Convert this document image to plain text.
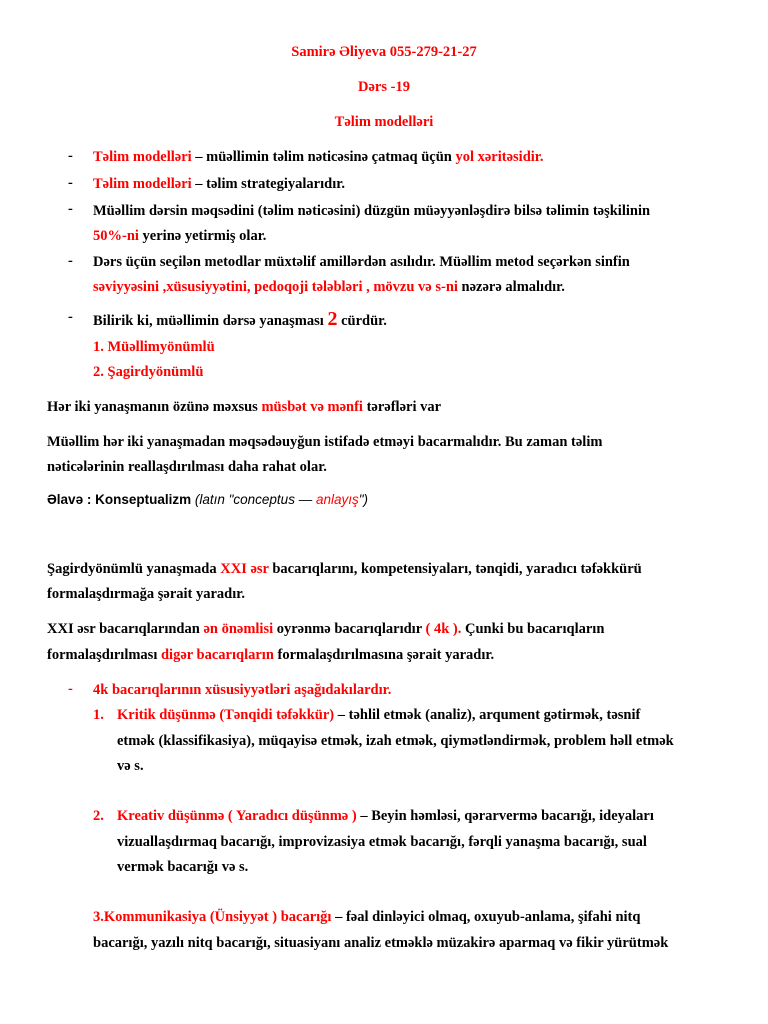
Samirə Əliyeva 055-279-21-27
Dərs -19
Təlim modelləri
- Təlim modelləri – müəllimin təlim nəticəsinə çatmaq üçün yol xəritəsidir.
- Təlim modelləri – təlim strategiyalarıdır.
- Müəllim dərsin məqsədini (təlim nəticəsini) düzgün müəyyənləşdirə bilsə təlimin təşkilinin
50%-ni yerinə yetirmiş olar.
- Dərs üçün seçilən metodlar müxtəlif amillərdən asılıdır. Müəllim metod seçərkən sinfin
səviyyəsini ,xüsusiyyətini, pedoqoji tələbləri , mövzu və s-ni nəzərə almalıdır.
- Bilirik ki, müəllimin dərsə yanaşması 2 cürdür.
1. Müəllimyönümlü
2. Şagirdyönümlü
Hər iki yanaşmanın özünə məxsus müsbət və mənfi tərəfləri var
Müəllim hər iki yanaşmadan məqsədəuyğun istifadə etməyi bacarmalıdır. Bu zaman təlim
nəticələrinin reallaşdırılması daha rahat olar.
Əlavə : Konseptualizm (latın "conceptus — anlayış")
Şagirdyönümlü yanaşmada XXI əsr bacarıqlarını, kompetensiyaları, tənqidi, yaradıcı təfəkkürü
formalaşdırmağa şərait yaradır.
XXI əsr bacarıqlarından ən önəmlisi oyrənmə bacarıqlarıdır ( 4k ). Çunki bu bacarıqların
formalaşdırılması digər bacarıqların formalaşdırılmasına şərait yaradır.
- 4k bacarıqlarının xüsusiyyətləri aşağıdakılardır.
1. Kritik düşünmə (Tənqidi təfəkkür) – təhlil etmək (analiz), arqument gətirmək, təsnif
etmək (klassifikasiya), müqayisə etmək, izah etmək, qiymətləndirmək, problem həll etmək
və s.
2. Kreativ düşünmə ( Yaradıcı düşünmə ) – Beyin həmləsi, qərarvermə bacarığı, ideyaları
vizuallaşdırmaq bacarığı, improvizasiya etmək bacarığı, fərqli yanaşma bacarığı, sual
vermək bacarığı və s.
3.Kommunikasiya (Ünsiyyət ) bacarığı – fəal dinləyici olmaq, oxuyub-anlama, şifahi nitq
bacarığı, yazılı nitq bacarığı, situasiyanı analiz etməklə müzakirə aparmaq və fikir yürütmək
